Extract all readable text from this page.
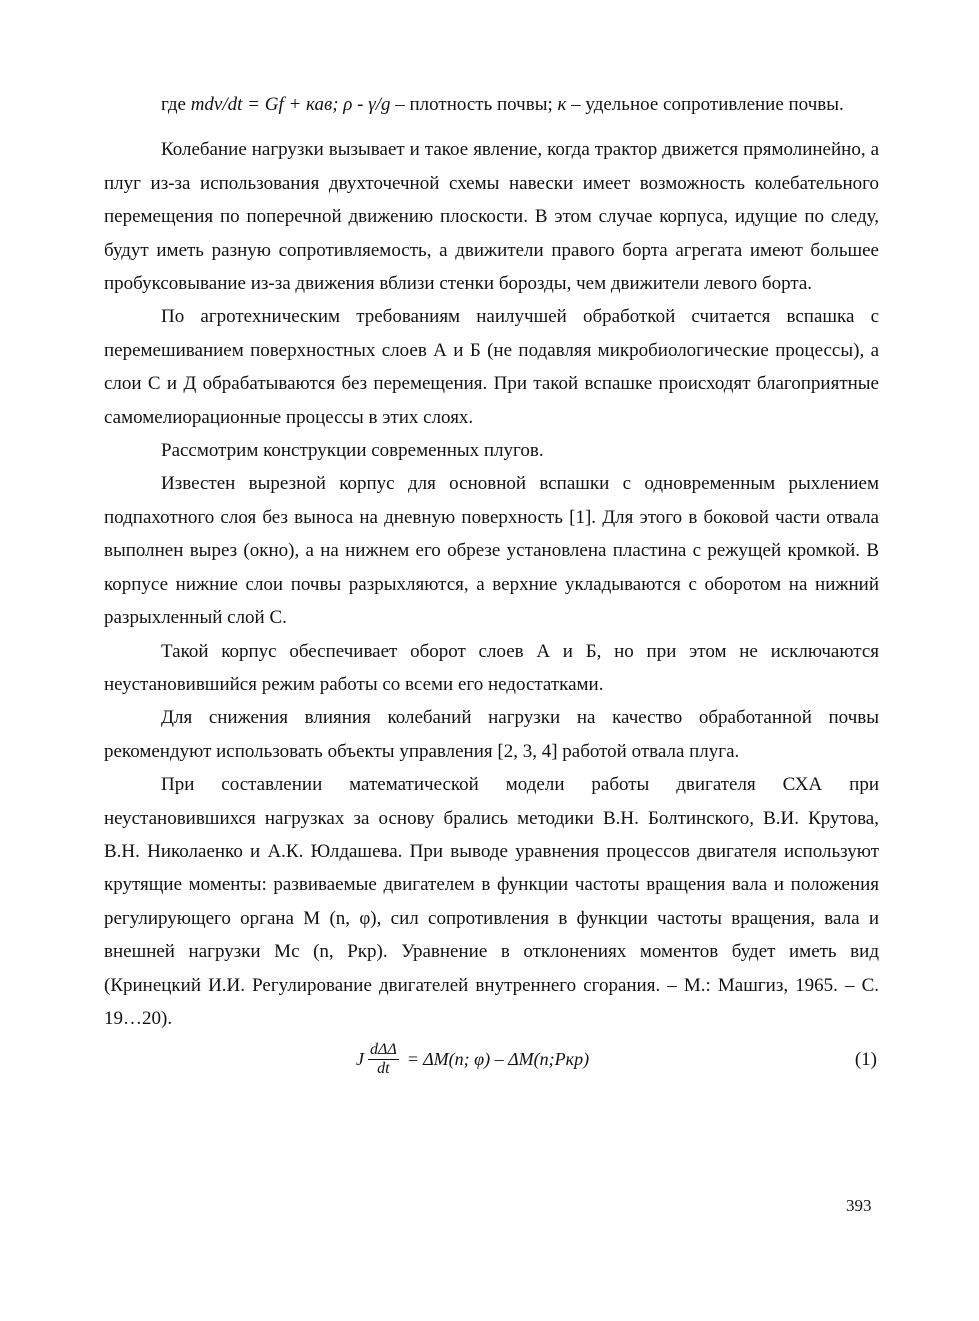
где mdv/dt = Gf + кав; ρ - γ/g – плотность почвы; к – удельное сопротивление почвы.

Колебание нагрузки вызывает и такое явление, когда трактор движется прямолинейно, а плуг из-за использования двухточечной схемы навески имеет возможность колебательного перемещения по поперечной движению плоскости. В этом случае корпуса, идущие по следу, будут иметь разную сопротивляемость, а движители правого борта агрегата имеют большее пробуксовывание из-за движения вблизи стенки борозды, чем движители левого борта.

По агротехническим требованиям наилучшей обработкой считается вспашка с перемешиванием поверхностных слоев А и Б (не подавляя микробиологические процессы), а слои С и Д обрабатываются без перемещения. При такой вспашке происходят благоприятные самомелиорационные процессы в этих слоях.

Рассмотрим конструкции современных плугов.

Известен вырезной корпус для основной вспашки с одновременным рыхлением подпахотного слоя без выноса на дневную поверхность [1]. Для этого в боковой части отвала выполнен вырез (окно), а на нижнем его обрезе установлена пластина с режущей кромкой. В корпусе нижние слои почвы разрыхляются, а верхние укладываются с оборотом на нижний разрыхленный слой С.

Такой корпус обеспечивает оборот слоев А и Б, но при этом не исключаются неустановившийся режим работы со всеми его недостатками.

Для снижения влияния колебаний нагрузки на качество обработанной почвы рекомендуют использовать объекты управления [2, 3, 4] работой отвала плуга.

При составлении математической модели работы двигателя СХА при неустановившихся нагрузках за основу брались методики В.Н. Болтинского, В.И. Крутова, В.Н. Николаенко и А.К. Юлдашева. При выводе уравнения процессов двигателя используют крутящие моменты: развиваемые двигателем в функции частоты вращения вала и положения регулирующего органа М (n, φ), сил сопротивления в функции частоты вращения, вала и внешней нагрузки Мс (n, Ркр). Уравнение в отклонениях моментов будет иметь вид (Кринецкий И.И. Регулирование двигателей внутреннего сгорания. – М.: Машгиз, 1965. – С. 19…20).

J $\frac{\text{dΔΔ}}{dt} = \Delta M(n$; φ) – ΔM(n;Pкр)	(1)
393
